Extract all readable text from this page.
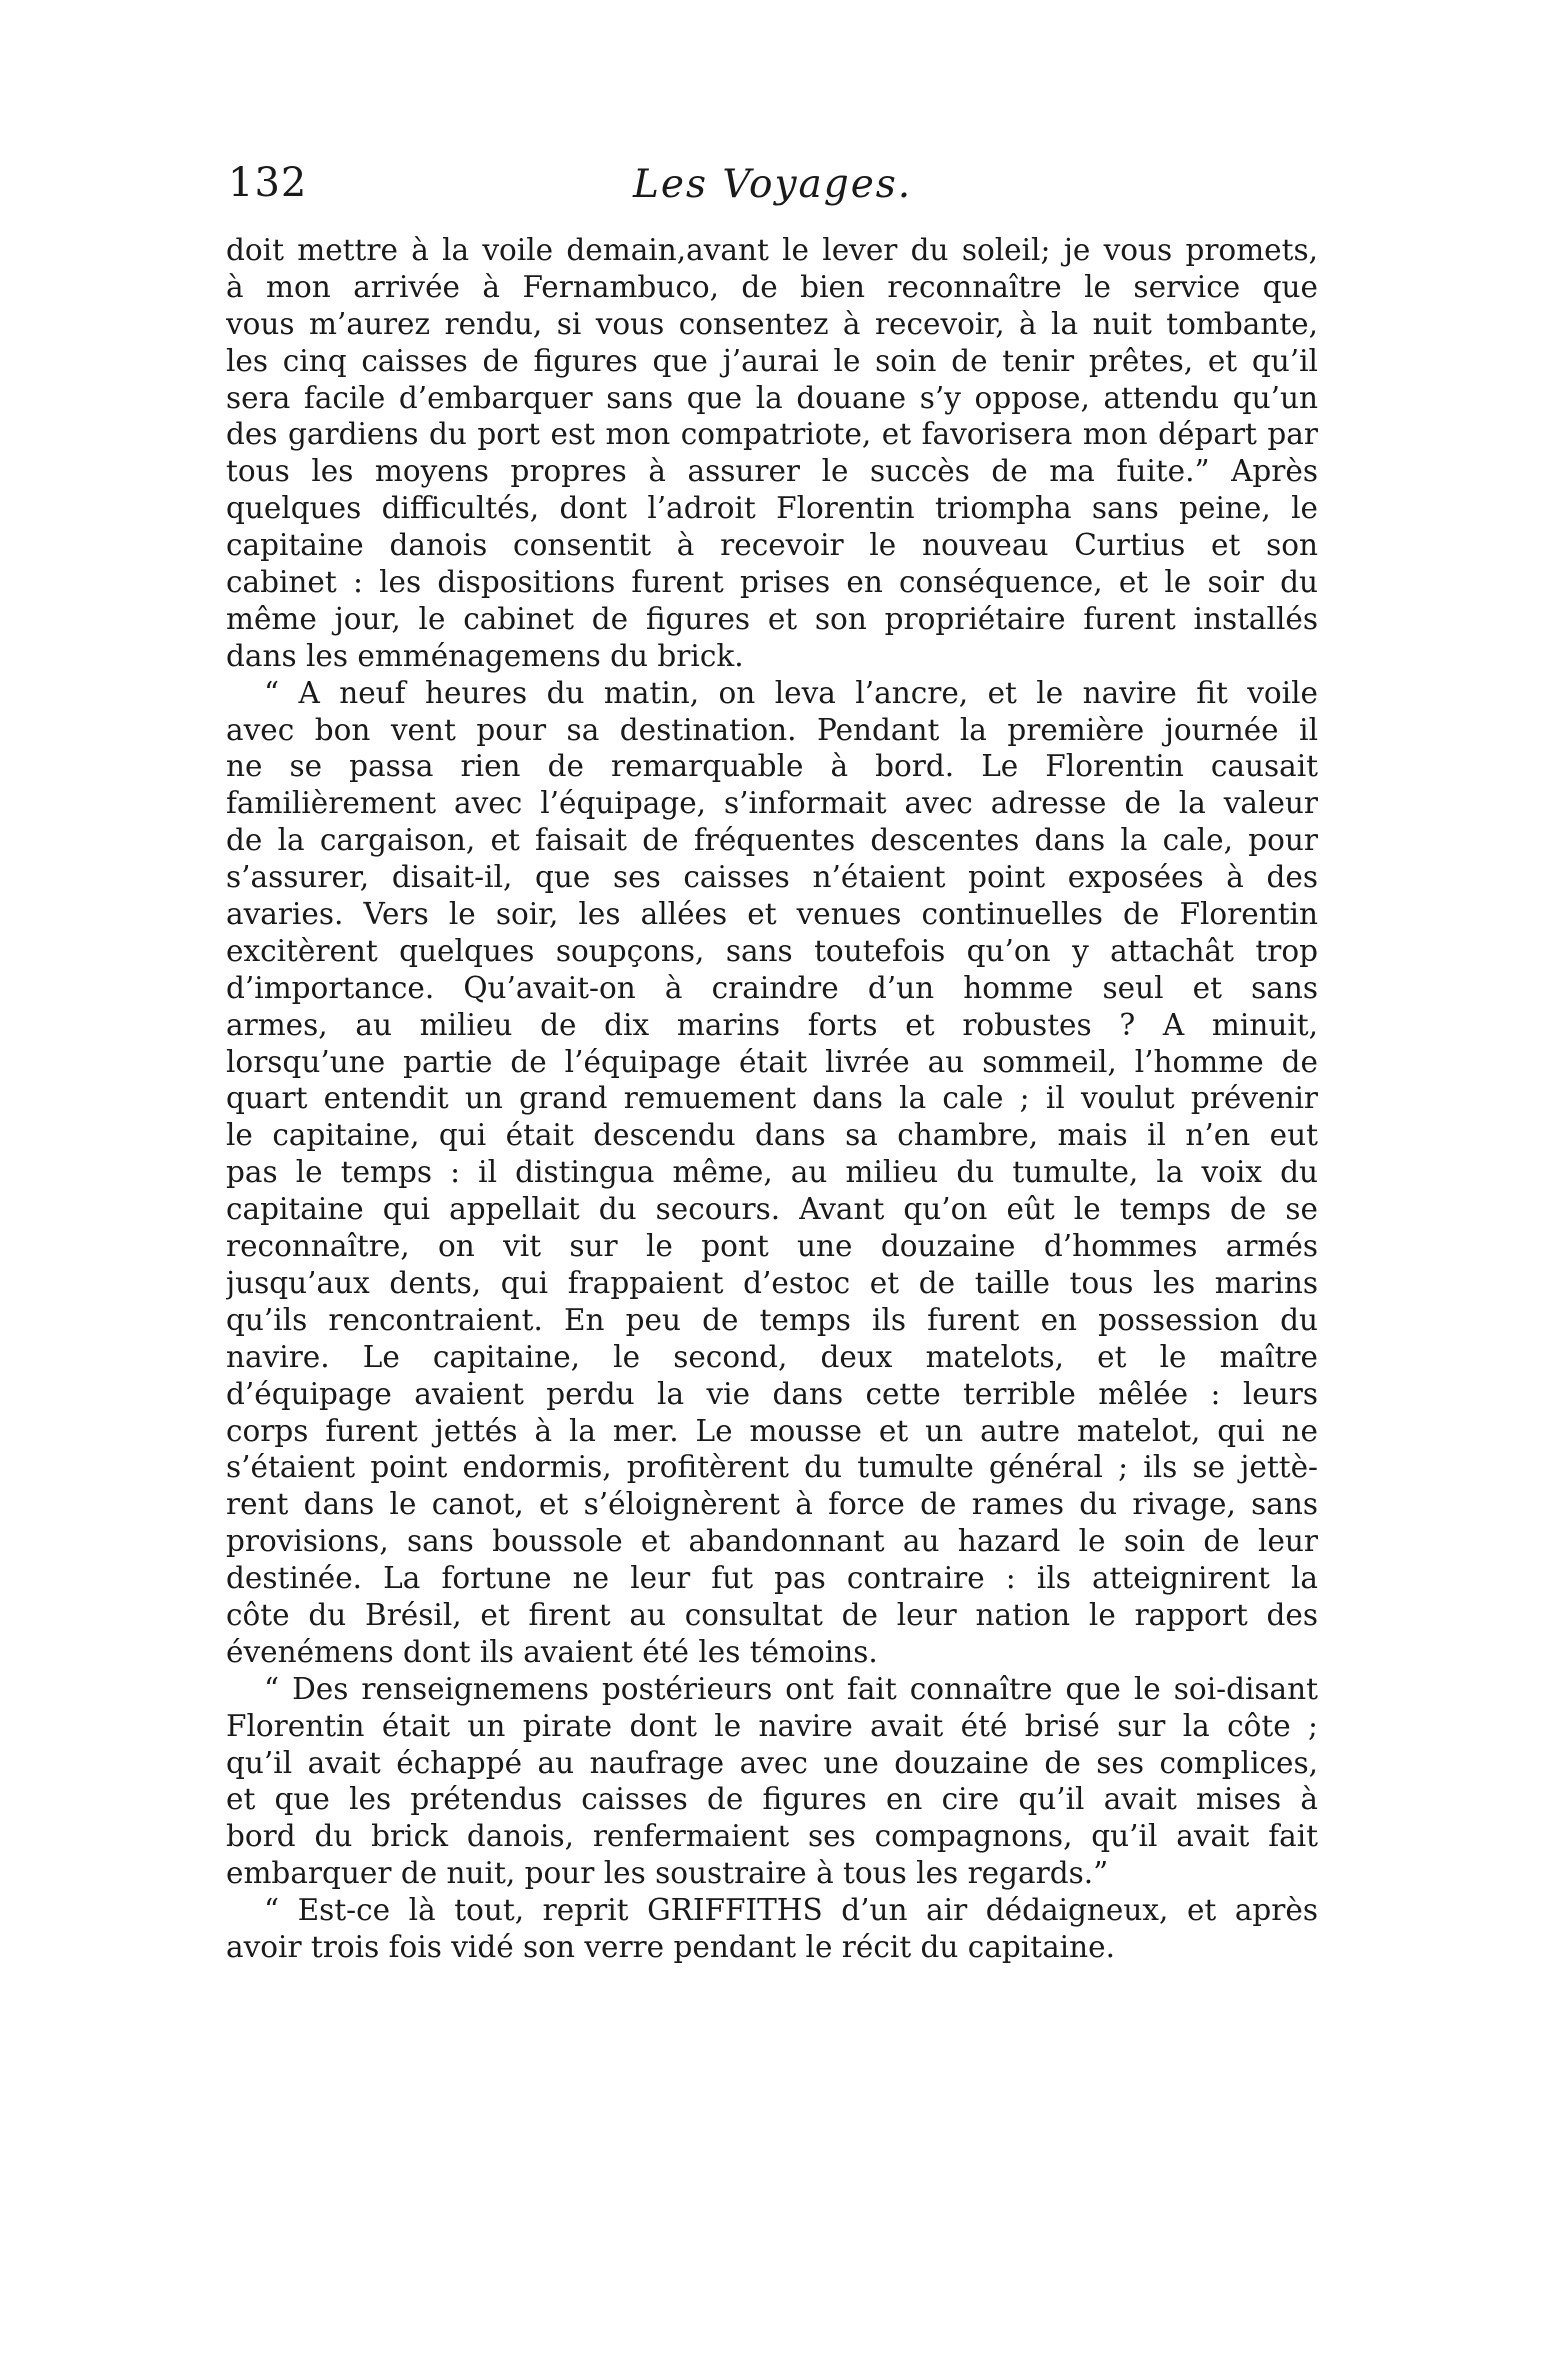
132	Les Voyages.
doit mettre à la voile demain,avant le lever du soleil; je vous promets,
à mon arrivée à Fernambuco, de bien reconnaître le service que
vous m’aurez rendu, si vous consentez à recevoir, à la nuit tombante,
les cinq caisses de figures que j’aurai le soin de tenir prêtes, et qu’il
sera facile d’embarquer sans que la douane s’y oppose, attendu qu’un
des gardiens du port est mon compatriote, et favorisera mon départ par
tous les moyens propres à assurer le succès de ma fuite.” Après
quelques difficultés, dont l’adroit Florentin triompha sans peine, le
capitaine danois consentit à recevoir le nouveau Curtius et son
cabinet : les dispositions furent prises en conséquence, et le soir du
même jour, le cabinet de figures et son propriétaire furent installés
dans les emménagemens du brick.
“ A neuf heures du matin, on leva l’ancre, et le navire fit voile
avec bon vent pour sa destination. Pendant la première journée il
ne se passa rien de remarquable à bord. Le Florentin causait
familièrement avec l’équipage, s’informait avec adresse de la valeur
de la cargaison, et faisait de fréquentes descentes dans la cale, pour
s’assurer, disait-il, que ses caisses n’étaient point exposées à des
avaries. Vers le soir, les allées et venues continuelles de Florentin
excitèrent quelques soupçons, sans toutefois qu’on y attachât trop
d’importance. Qu’avait-on à craindre d’un homme seul et sans
armes, au milieu de dix marins forts et robustes ? A minuit,
lorsqu’une partie de l’équipage était livrée au sommeil, l’homme de
quart entendit un grand remuement dans la cale ; il voulut prévenir
le capitaine, qui était descendu dans sa chambre, mais il n’en eut
pas le temps : il distingua même, au milieu du tumulte, la voix du
capitaine qui appellait du secours. Avant qu’on eût le temps de se
reconnaître, on vit sur le pont une douzaine d’hommes armés
jusqu’aux dents, qui frappaient d’estoc et de taille tous les marins
qu’ils rencontraient. En peu de temps ils furent en possession du
navire. Le capitaine, le second, deux matelots, et le maître
d’équipage avaient perdu la vie dans cette terrible mêlée : leurs
corps furent jettés à la mer. Le mousse et un autre matelot, qui ne
s’étaient point endormis, profitèrent du tumulte général ; ils se jettè-
rent dans le canot, et s’éloignèrent à force de rames du rivage, sans
provisions, sans boussole et abandonnant au hazard le soin de leur
destinée. La fortune ne leur fut pas contraire : ils atteignirent la
côte du Brésil, et firent au consultat de leur nation le rapport des
évenémens dont ils avaient été les témoins.
“ Des renseignemens postérieurs ont fait connaître que le soi-disant
Florentin était un pirate dont le navire avait été brisé sur la côte ;
qu’il avait échappé au naufrage avec une douzaine de ses complices,
et que les prétendus caisses de figures en cire qu’il avait mises à
bord du brick danois, renfermaient ses compagnons, qu’il avait fait
embarquer de nuit, pour les soustraire à tous les regards.”
“ Est-ce là tout, reprit GRIFFITHS d’un air dédaigneux, et après
avoir trois fois vidé son verre pendant le récit du capitaine.
